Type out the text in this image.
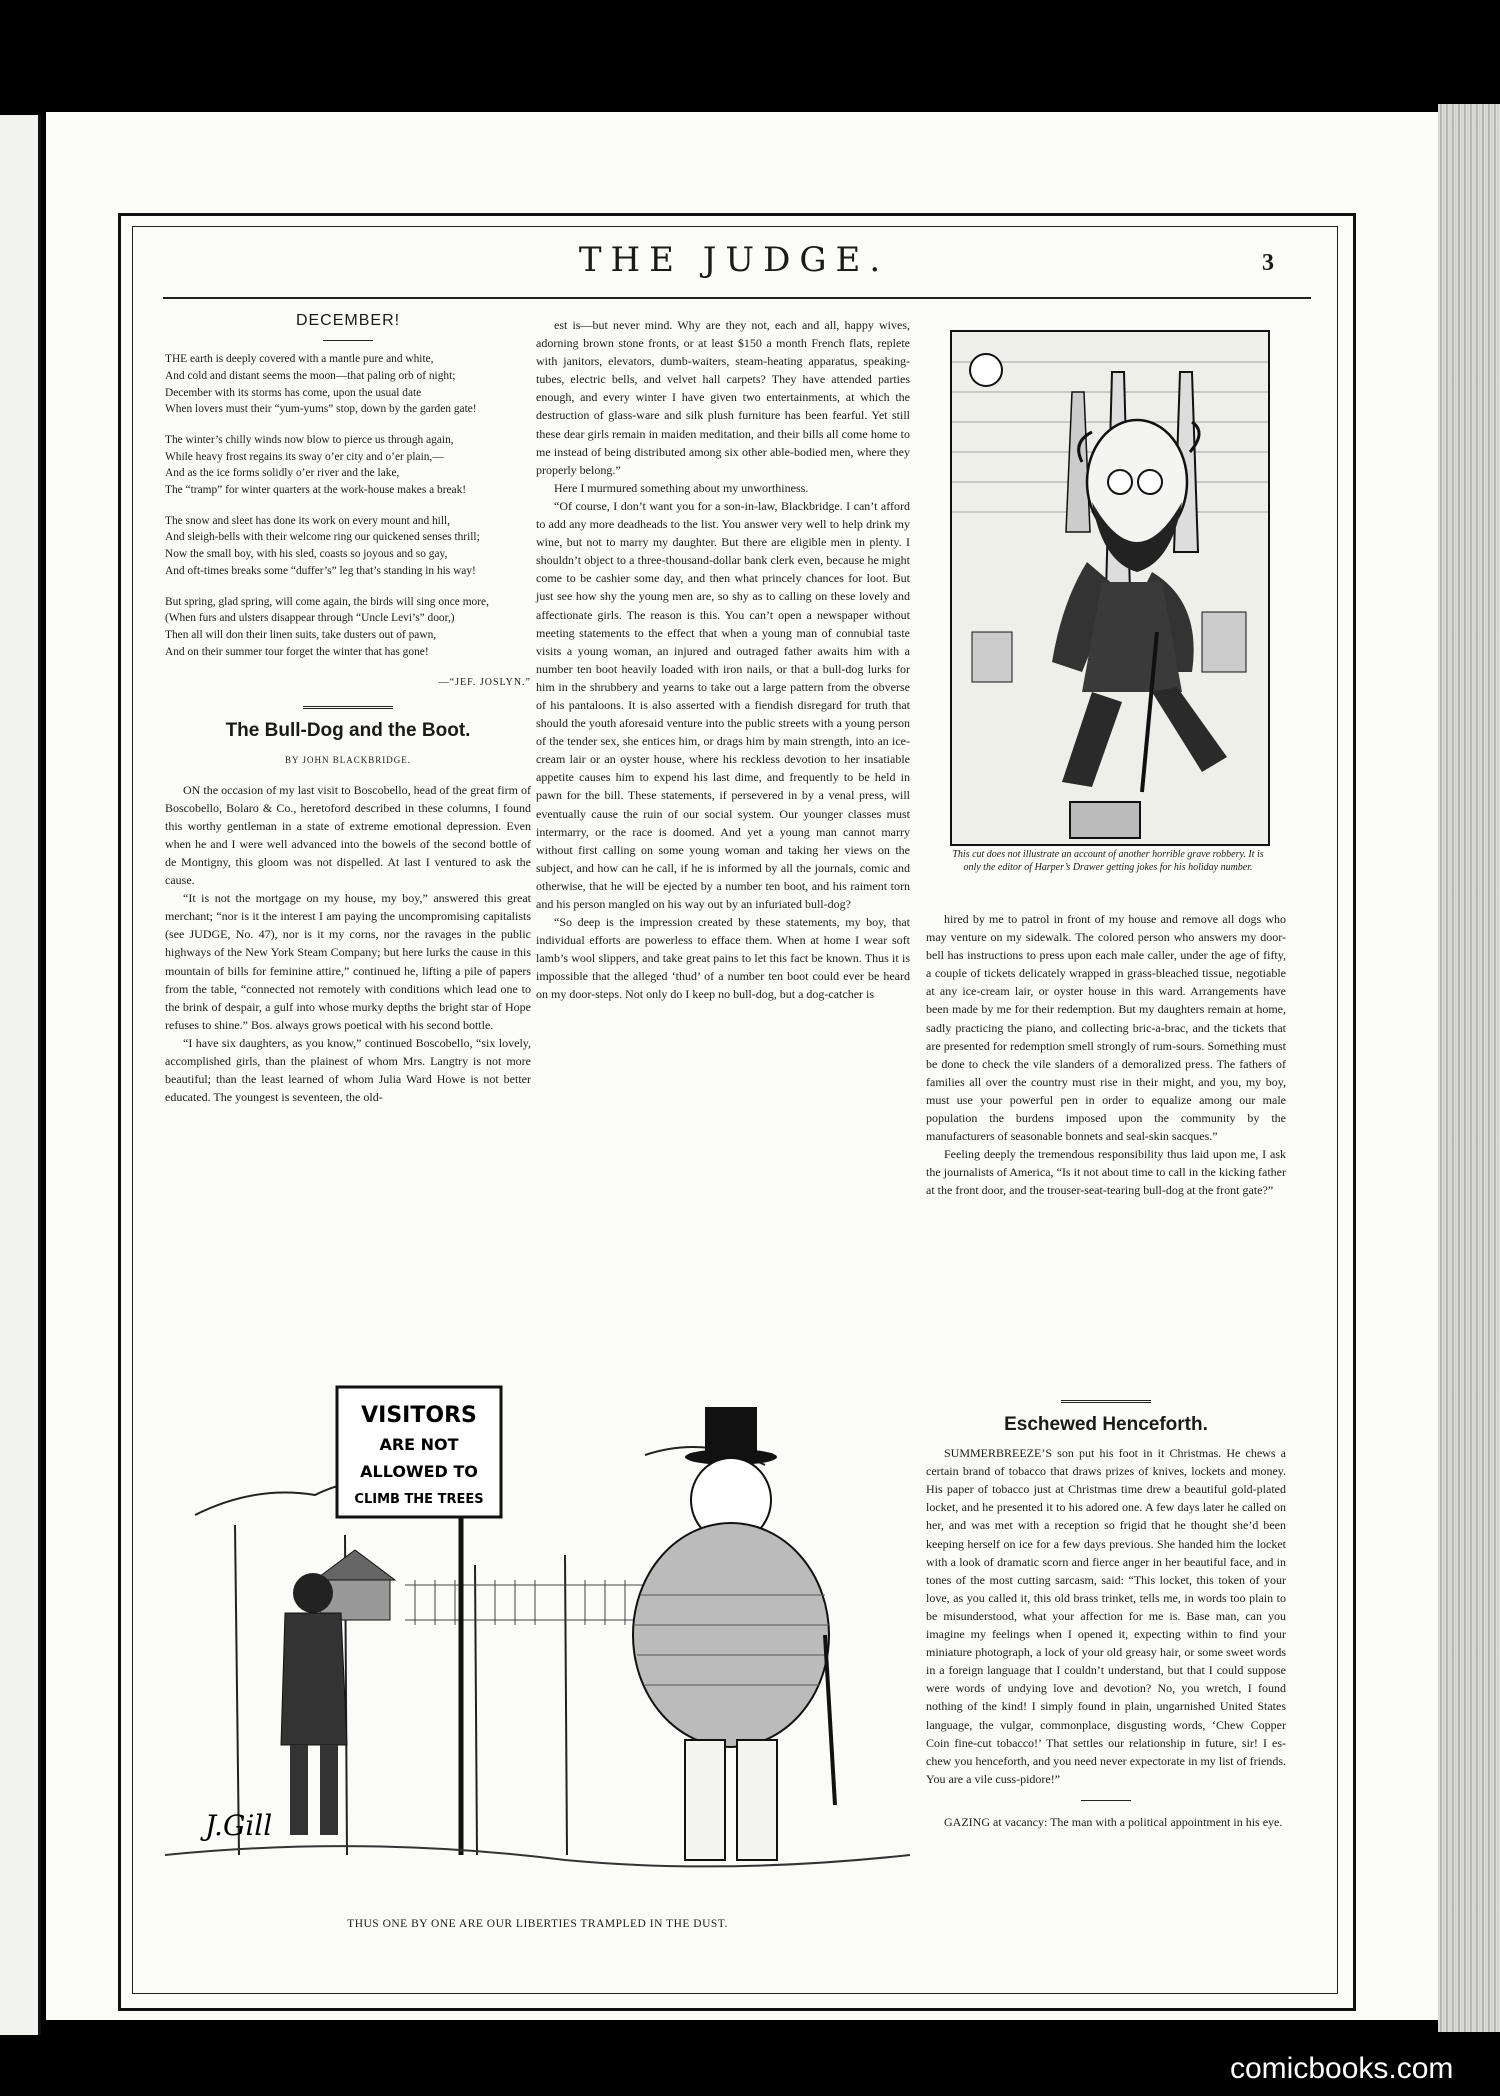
THE JUDGE.	3
DECEMBER!
THE earth is deeply covered with a mantle pure and white,
And cold and distant seems the moon—that paling orb of night;
December with its storms has come, upon the usual date
When lovers must their “yum-yums” stop, down by the garden gate!
The winter’s chilly winds now blow to pierce us through again,
While heavy frost regains its sway o’er city and o’er plain,—
And as the ice forms solidly o’er river and the lake,
The “tramp” for winter quarters at the work-house makes a break!
The snow and sleet has done its work on every mount and hill,
And sleigh-bells with their welcome ring our quickened senses thrill;
Now the small boy, with his sled, coasts so joyous and so gay,
And oft-times breaks some “duffer’s” leg that’s standing in his way!
But spring, glad spring, will come again, the birds will sing once more,
(When furs and ulsters disappear through “Uncle Levi’s” door,)
Then all will don their linen suits, take dusters out of pawn,
And on their summer tour forget the winter that has gone!
—“JEF. JOSLYN.”
The Bull-Dog and the Boot.
BY JOHN BLACKBRIDGE.

ON the occasion of my last visit to Boscobello, head of the great firm of Boscobello, Bolaro & Co., heretoford described in these columns, I found this worthy gentleman in a state of extreme emotional depression. Even when he and I were well advanced into the bowels of the second bottle of de Montigny, this gloom was not dispelled. At last I ventured to ask the cause.

“It is not the mortgage on my house, my boy,” answered this great merchant; “nor is it the interest I am paying the uncompromising capitalists (see JUDGE, No. 47), nor is it my corns, nor the ravages in the public highways of the New York Steam Company; but here lurks the cause in this mountain of bills for feminine attire,” continued he, lifting a pile of papers from the table, “connected not remotely with conditions which lead one to the brink of despair, a gulf into whose murky depths the bright star of Hope refuses to shine.” Bos. always grows poetical with his second bottle.

“I have six daughters, as you know,” continued Boscobello, “six lovely, accomplished girls, than the plainest of whom Mrs. Langtry is not more beautiful; than the least learned of whom Julia Ward Howe is not better educated. The youngest is seventeen, the old-

est is—but never mind. Why are they not, each and all, happy wives, adorning brown stone fronts, or at least $150 a month French flats, replete with janitors, elevators, dumb-waiters, steam-heating apparatus, speaking-tubes, electric bells, and velvet hall carpets? They have attended parties enough, and every winter I have given two entertainments, at which the destruction of glass-ware and silk plush furniture has been fearful. Yet still these dear girls remain in maiden meditation, and their bills all come home to me instead of being distributed among six other able-bodied men, where they properly belong.”

Here I murmured something about my unworthiness.

“Of course, I don’t want you for a son-in-law, Blackbridge. I can’t afford to add any more deadheads to the list. You answer very well to help drink my wine, but not to marry my daughter. But there are eligible men in plenty. I shouldn’t object to a three-thousand-dollar bank clerk even, because he might come to be cashier some day, and then what princely chances for loot. But just see how shy the young men are, so shy as to calling on these lovely and affectionate girls. The reason is this. You can’t open a newspaper without meeting statements to the effect that when a young man of connubial taste visits a young woman, an injured and outraged father awaits him with a number ten boot heavily loaded with iron nails, or that a bull-dog lurks for him in the shrubbery and yearns to take out a large pattern from the obverse of his pantaloons. It is also asserted with a fiendish disregard for truth that should the youth aforesaid venture into the public streets with a young person of the tender sex, she entices him, or drags him by main strength, into an ice-cream lair or an oyster house, where his reckless devotion to her insatiable appetite causes him to expend his last dime, and frequently to be held in pawn for the bill. These statements, if persevered in by a venal press, will eventually cause the ruin of our social system. Our younger classes must intermarry, or the race is doomed. And yet a young man cannot marry without first calling on some young woman and taking her views on the subject, and how can he call, if he is informed by all the journals, comic and otherwise, that he will be ejected by a number ten boot, and his raiment torn and his person mangled on his way out by an infuriated bull-dog?

“So deep is the impression created by these statements, my boy, that individual efforts are powerless to efface them. When at home I wear soft lamb’s wool slippers, and take great pains to let this fact be known. Thus it is impossible that the alleged ‘thud’ of a number ten boot could ever be heard on my door-steps. Not only do I keep no bull-dog, but a dog-catcher is

This cut does not illustrate an account of another horrible grave robbery. It is only the editor of Harper’s Drawer getting jokes for his holiday number.

hired by me to patrol in front of my house and remove all dogs who may venture on my sidewalk. The colored person who answers my door-bell has instructions to press upon each male caller, under the age of fifty, a couple of tickets delicately wrapped in grass-bleached tissue, negotiable at any ice-cream lair, or oyster house in this ward. Arrangements have been made by me for their redemption. But my daughters remain at home, sadly practicing the piano, and collecting bric-a-brac, and the tickets that are presented for redemption smell strongly of rum-sours. Something must be done to check the vile slanders of a demoralized press. The fathers of families all over the country must rise in their might, and you, my boy, must use your powerful pen in order to equalize among our male population the burdens imposed upon the community by the manufacturers of seasonable bonnets and seal-skin sacques.”

Feeling deeply the tremendous responsibility thus laid upon me, I ask the journalists of America, “Is it not about time to call in the kicking father at the front door, and the trouser-seat-tearing bull-dog at the front gate?”

Eschewed Henceforth.

SUMMERBREEZE’S son put his foot in it Christmas. He chews a certain brand of tobacco that draws prizes of knives, lockets and money. His paper of tobacco just at Christmas time drew a beautiful gold-plated locket, and he presented it to his adored one. A few days later he called on her, and was met with a reception so frigid that he thought she’d been keeping herself on ice for a few days previous. She handed him the locket with a look of dramatic scorn and fierce anger in her beautiful face, and in tones of the most cutting sarcasm, said: “This locket, this token of your love, as you called it, this old brass trinket, tells me, in words too plain to be misunderstood, what your affection for me is. Base man, can you imagine my feelings when I opened it, expecting within to find your miniature photograph, a lock of your old greasy hair, or some sweet words in a foreign language that I couldn’t understand, but that I could suppose were words of undying love and devotion? No, you wretch, I found nothing of the kind! I simply found in plain, ungarnished United States language, the vulgar, commonplace, disgusting words, ‘Chew Copper Coin fine-cut tobacco!’ That settles our relationship in future, sir! I es-chew you henceforth, and you need never expectorate in my list of friends. You are a vile cuss-pidore!”

GAZING at vacancy: The man with a political appointment in his eye.

VISITORS
ARE NOT
ALLOWED TO
CLIMB THE TREES
J.Gill
THUS ONE BY ONE ARE OUR LIBERTIES TRAMPLED IN THE DUST.
comicbooks.com
